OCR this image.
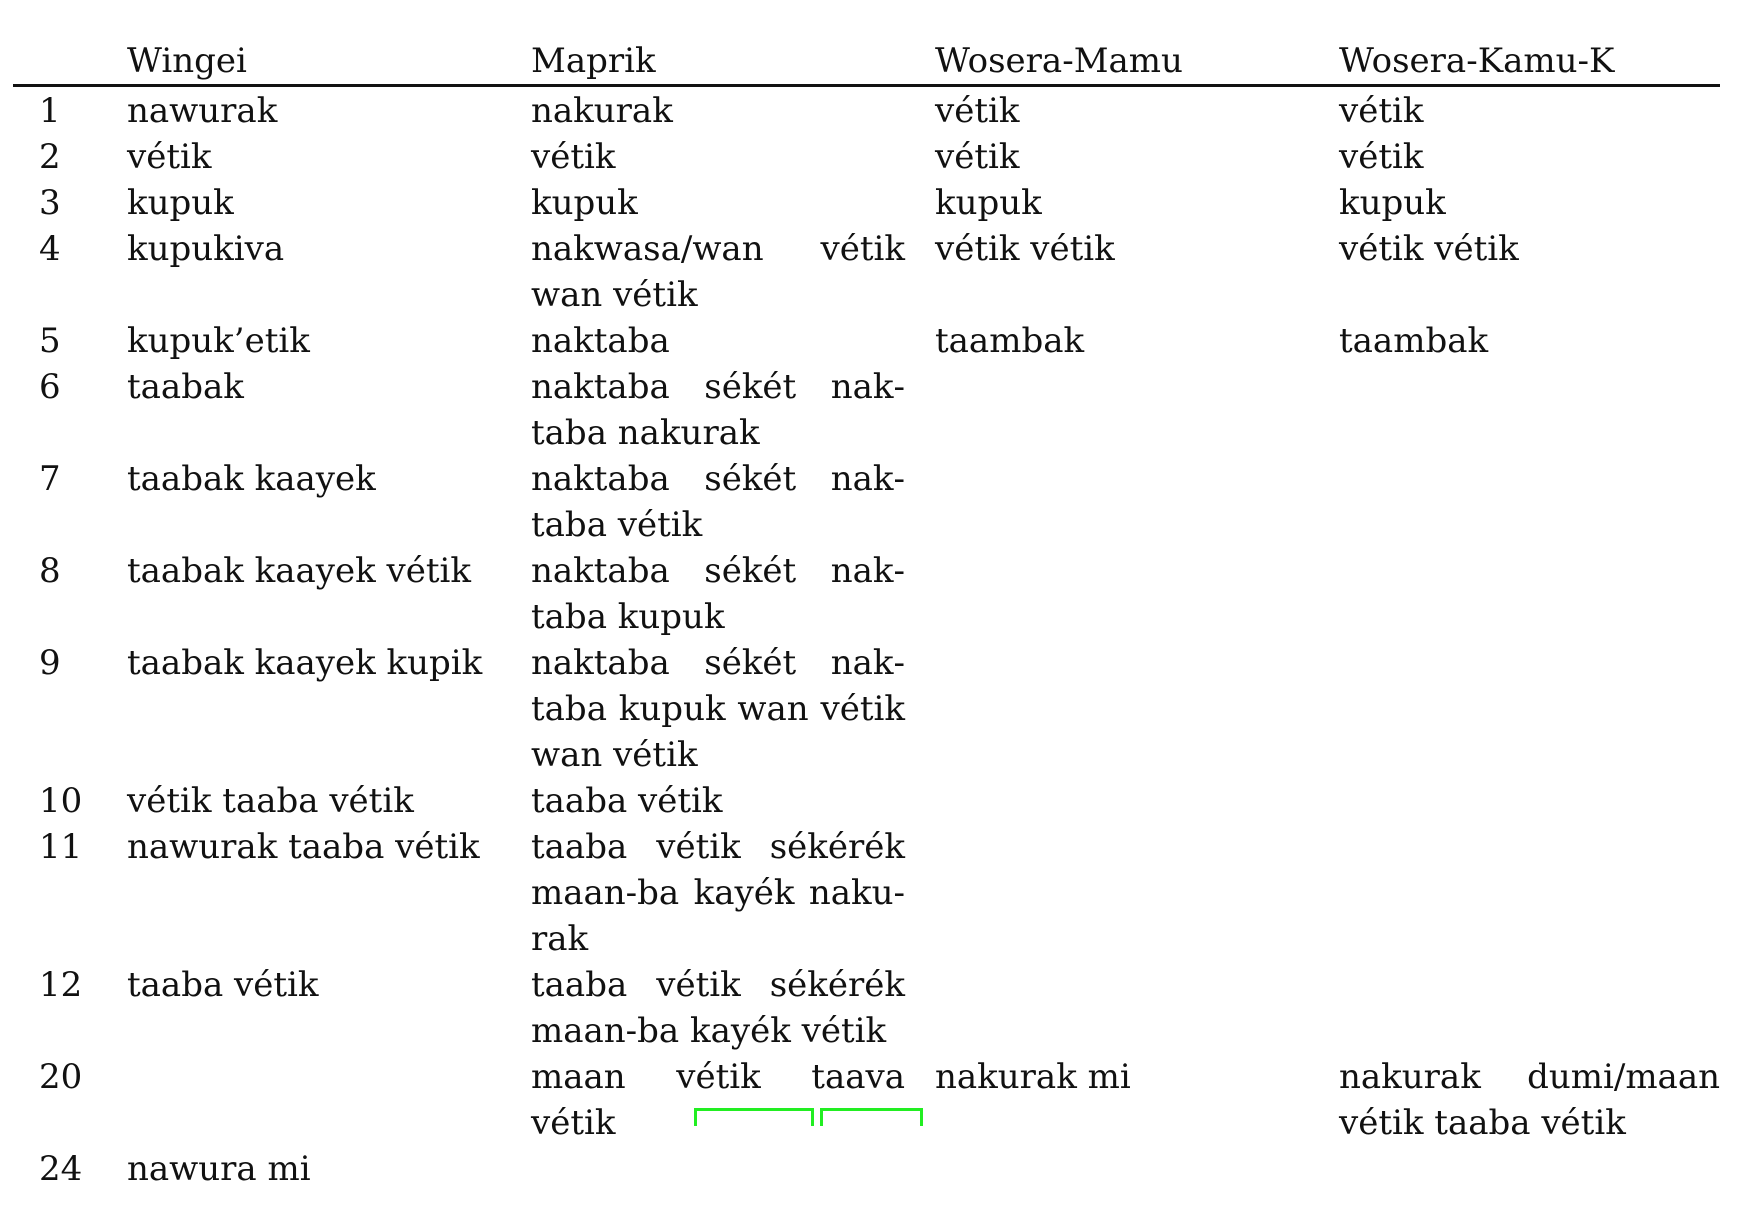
	Wingei	Maprik	Wosera-Mamu	Wosera-Kamu-K
1	nawurak	nakurak	vétik	vétik
2	vétik	vétik	vétik	vétik
3	kupuk	kupuk	kupuk	kupuk
4	kupukiva	nakwasa/wan vétik wan vétik	vétik vétik	vétik vétik
5	kupuk’etik	naktaba	taambak	taambak
6	taabak	naktaba sékét naktaba nakurak		
7	taabak kaayek	naktaba sékét naktaba vétik		
8	taabak kaayek vétik	naktaba sékét naktaba kupuk		
9	taabak kaayek kupik	naktaba sékét naktaba kupuk wan vétik wan vétik		
10	vétik taaba vétik	taaba vétik		
11	nawurak taaba vétik	taaba vétik sékérék maan-ba kayék nakurak		
12	taaba vétik	taaba vétik sékérék maan-ba kayék vétik		
20		maan vétik taava vétik	nakurak mi	nakurak dumi/maan vétik taaba vétik
24	nawura mi			
